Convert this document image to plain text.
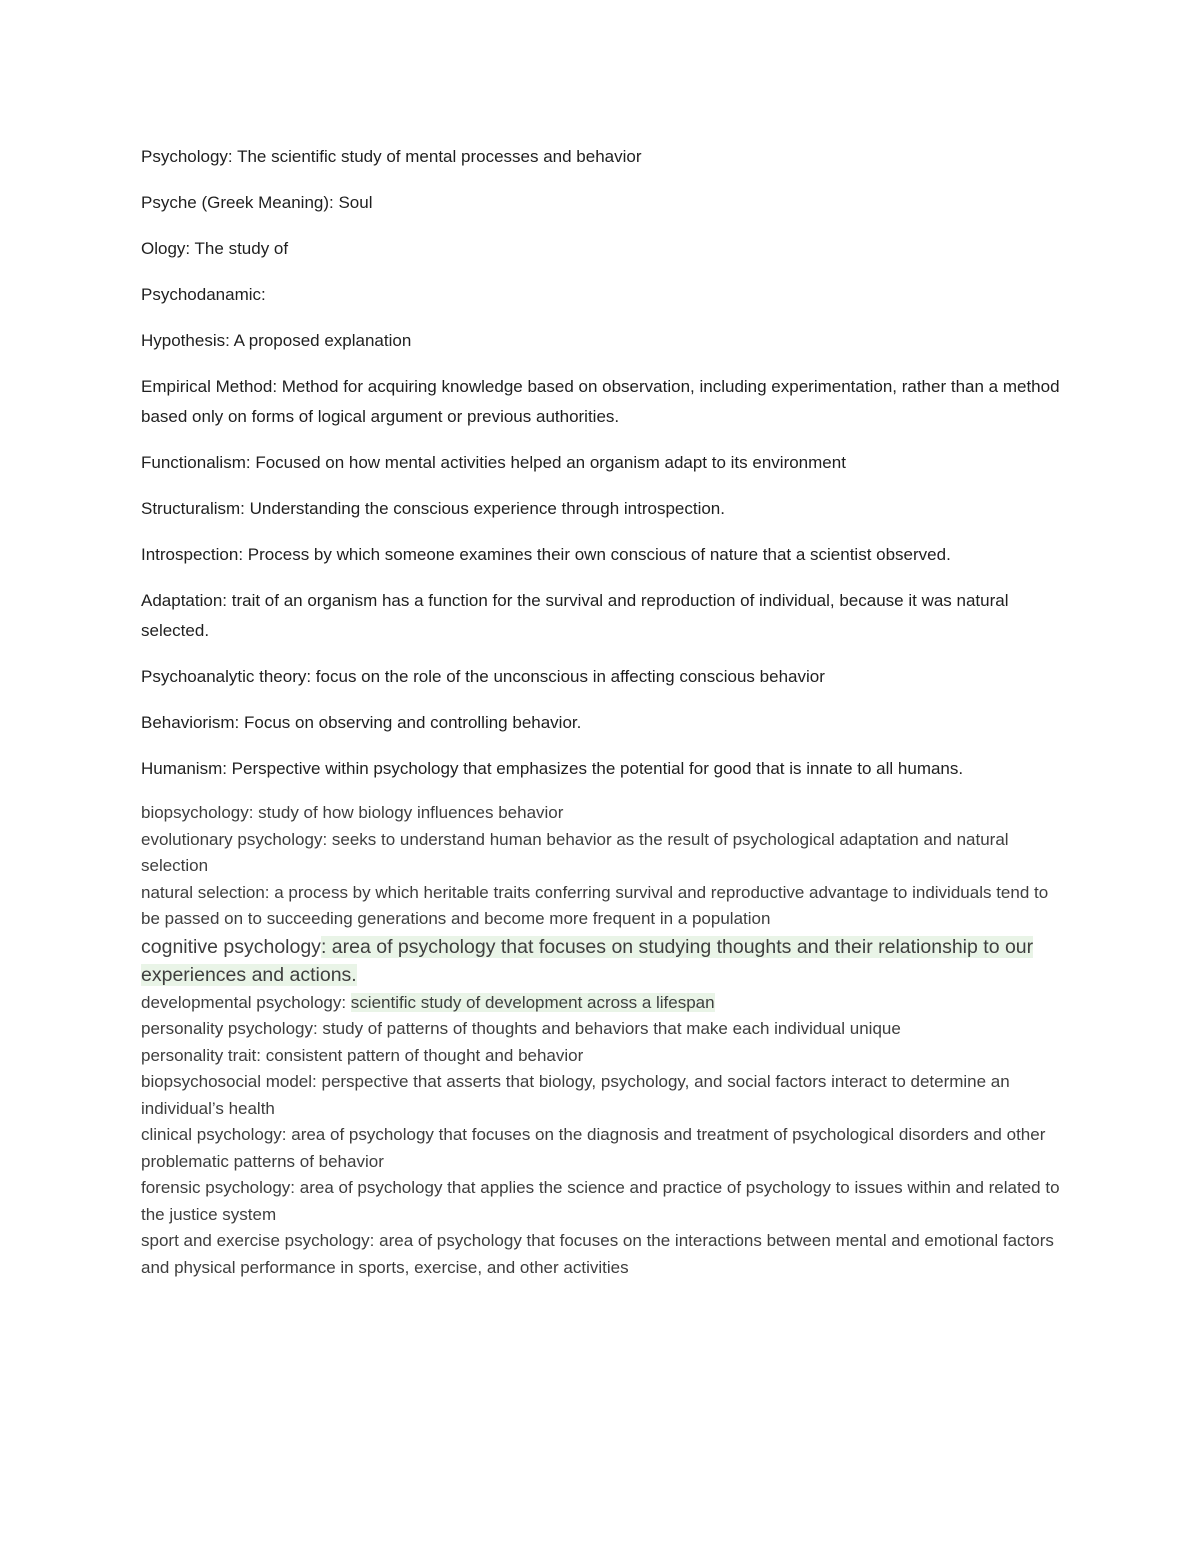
Psychology: The scientific study of mental processes and behavior

Psyche (Greek Meaning): Soul

Ology: The study of

Psychodanamic:

Hypothesis: A proposed explanation

Empirical Method: Method for acquiring knowledge based on observation, including experimentation, rather than a method based only on forms of logical argument or previous authorities.

Functionalism: Focused on how mental activities helped an organism adapt to its environment

Structuralism: Understanding the conscious experience through introspection.

Introspection: Process by which someone examines their own conscious of nature that a scientist observed.

Adaptation: trait of an organism has a function for the survival and reproduction of individual, because it was natural selected.

Psychoanalytic theory: focus on the role of the unconscious in affecting conscious behavior

Behaviorism: Focus on observing and controlling behavior.

Humanism: Perspective within psychology that emphasizes the potential for good that is innate to all humans.

biopsychology: study of how biology influences behavior

evolutionary psychology: seeks to understand human behavior as the result of psychological adaptation and natural selection

natural selection: a process by which heritable traits conferring survival and reproductive advantage to individuals tend to be passed on to succeeding generations and become more frequent in a population

cognitive psychology: area of psychology that focuses on studying thoughts and their relationship to our experiences and actions.

developmental psychology: scientific study of development across a lifespan

personality psychology: study of patterns of thoughts and behaviors that make each individual unique

personality trait: consistent pattern of thought and behavior

biopsychosocial model: perspective that asserts that biology, psychology, and social factors interact to determine an individual’s health

clinical psychology: area of psychology that focuses on the diagnosis and treatment of psychological disorders and other problematic patterns of behavior

forensic psychology: area of psychology that applies the science and practice of psychology to issues within and related to the justice system

sport and exercise psychology: area of psychology that focuses on the interactions between mental and emotional factors and physical performance in sports, exercise, and other activities
